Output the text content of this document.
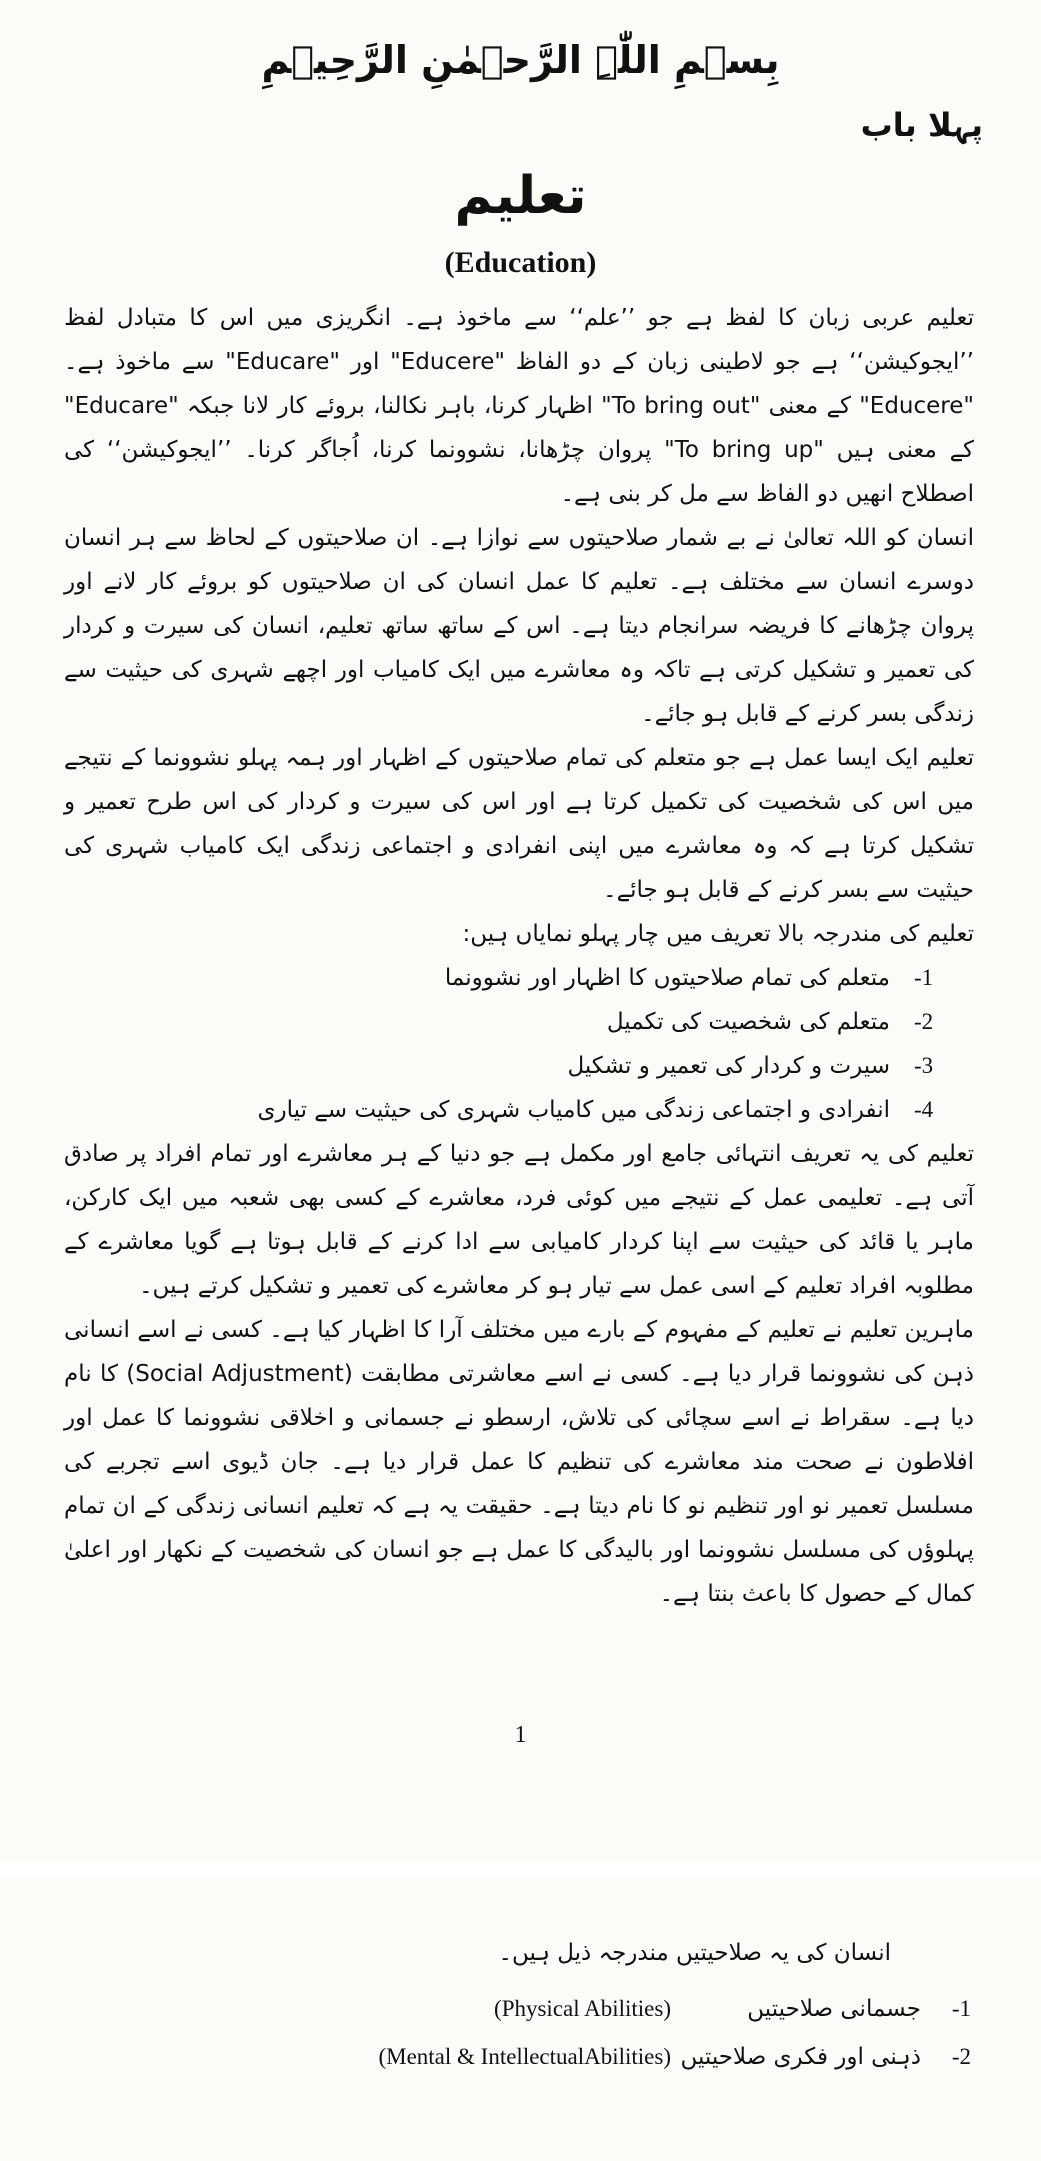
بِسۡمِ اللّٰہِ الرَّحۡمٰنِ الرَّحِیۡمِ
پہلا باب
تعلیم
(Education)

تعلیم عربی زبان کا لفظ ہے جو ’’علم‘‘ سے ماخوذ ہے۔ انگریزی میں اس کا متبادل لفظ ’’ایجوکیشن‘‘ ہے جو لاطینی زبان کے دو الفاظ "Educere" اور "Educare" سے ماخوذ ہے۔ "Educere" کے معنی "To bring out" اظہار کرنا، باہر نکالنا، بروئے کار لانا جبکہ "Educare" کے معنی ہیں "To bring up" پروان چڑھانا، نشوونما کرنا، اُجاگر کرنا۔ ’’ایجوکیشن‘‘ کی اصطلاح انھیں دو الفاظ سے مل کر بنی ہے۔

انسان کو اللہ تعالیٰ نے بے شمار صلاحیتوں سے نوازا ہے۔ ان صلاحیتوں کے لحاظ سے ہر انسان دوسرے انسان سے مختلف ہے۔ تعلیم کا عمل انسان کی ان صلاحیتوں کو بروئے کار لانے اور پروان چڑھانے کا فریضہ سرانجام دیتا ہے۔ اس کے ساتھ ساتھ تعلیم، انسان کی سیرت و کردار کی تعمیر و تشکیل کرتی ہے تاکہ وہ معاشرے میں ایک کامیاب اور اچھے شہری کی حیثیت سے زندگی بسر کرنے کے قابل ہو جائے۔

تعلیم ایک ایسا عمل ہے جو متعلم کی تمام صلاحیتوں کے اظہار اور ہمہ پہلو نشوونما کے نتیجے میں اس کی شخصیت کی تکمیل کرتا ہے اور اس کی سیرت و کردار کی اس طرح تعمیر و تشکیل کرتا ہے کہ وہ معاشرے میں اپنی انفرادی و اجتماعی زندگی ایک کامیاب شہری کی حیثیت سے بسر کرنے کے قابل ہو جائے۔

تعلیم کی مندرجہ بالا تعریف میں چار پہلو نمایاں ہیں:

-1
متعلم کی تمام صلاحیتوں کا اظہار اور نشوونما
-2
متعلم کی شخصیت کی تکمیل
-3
سیرت و کردار کی تعمیر و تشکیل
-4
انفرادی و اجتماعی زندگی میں کامیاب شہری کی حیثیت سے تیاری

تعلیم کی یہ تعریف انتہائی جامع اور مکمل ہے جو دنیا کے ہر معاشرے اور تمام افراد پر صادق آتی ہے۔ تعلیمی عمل کے نتیجے میں کوئی فرد، معاشرے کے کسی بھی شعبہ میں ایک کارکن، ماہر یا قائد کی حیثیت سے اپنا کردار کامیابی سے ادا کرنے کے قابل ہوتا ہے گویا معاشرے کے مطلوبہ افراد تعلیم کے اسی عمل سے تیار ہو کر معاشرے کی تعمیر و تشکیل کرتے ہیں۔

ماہرین تعلیم نے تعلیم کے مفہوم کے بارے میں مختلف آرا کا اظہار کیا ہے۔ کسی نے اسے انسانی ذہن کی نشوونما قرار دیا ہے۔ کسی نے اسے معاشرتی مطابقت (Social Adjustment) کا نام دیا ہے۔ سقراط نے اسے سچائی کی تلاش، ارسطو نے جسمانی و اخلاقی نشوونما کا عمل اور افلاطون نے صحت مند معاشرے کی تنظیم کا عمل قرار دیا ہے۔ جان ڈیوی اسے تجربے کی مسلسل تعمیر نو اور تنظیم نو کا نام دیتا ہے۔ حقیقت یہ ہے کہ تعلیم انسانی زندگی کے ان تمام پہلوؤں کی مسلسل نشوونما اور بالیدگی کا عمل ہے جو انسان کی شخصیت کے نکھار اور اعلیٰ کمال کے حصول کا باعث بنتا ہے۔

1
انسان کی یہ صلاحیتیں مندرجہ ذیل ہیں۔
-1
جسمانی صلاحیتیں
(Physical Abilities)
-2
ذہنی اور فکری صلاحیتیں
(Mental & IntellectualAbilities)
